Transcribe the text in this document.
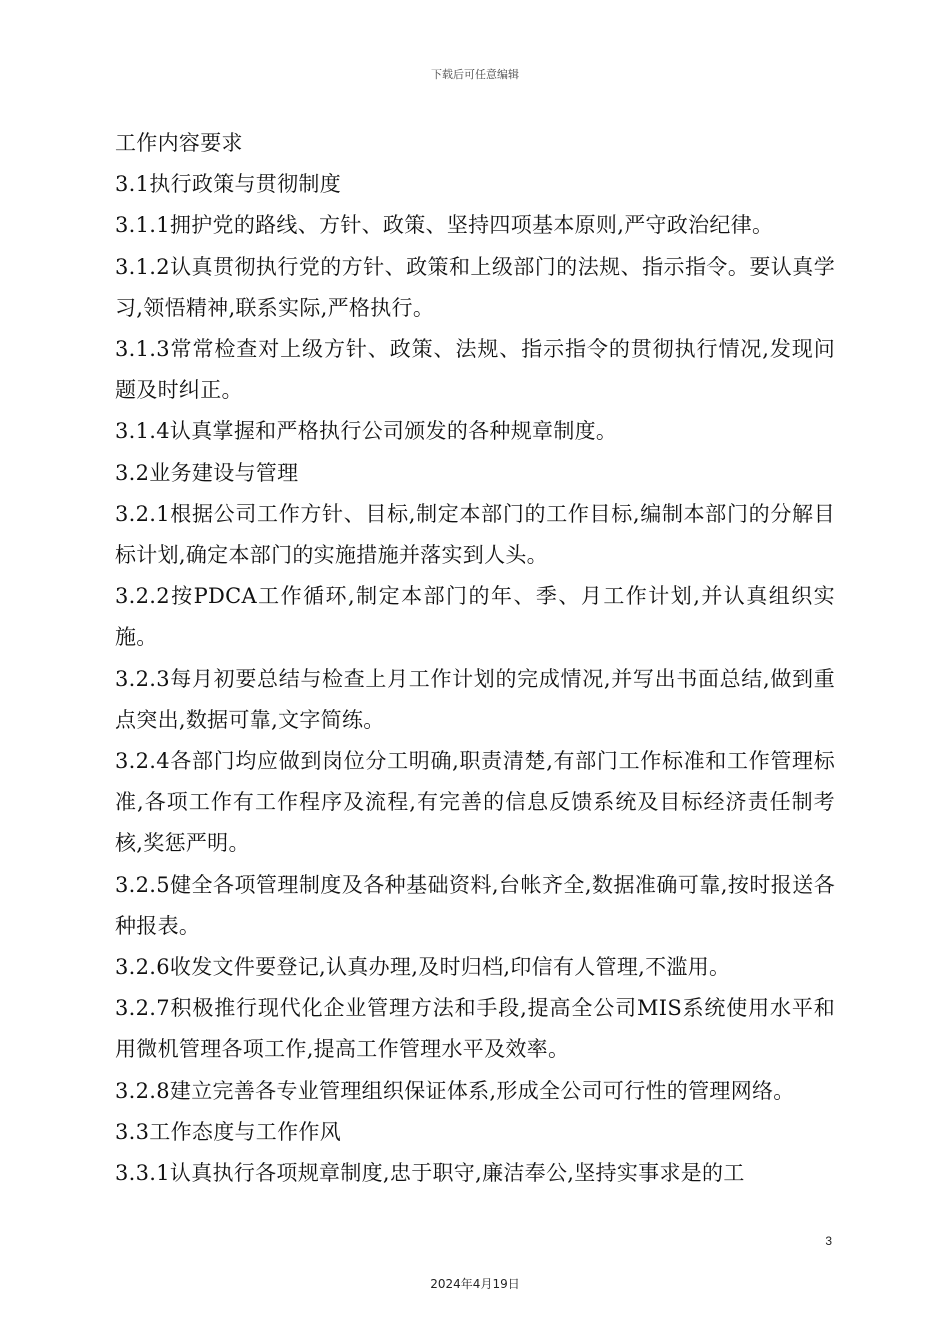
下载后可任意编辑

工作内容要求

3.1执行政策与贯彻制度

3.1.1拥护党的路线、方针、政策、坚持四项基本原则,严守政治纪律。

3.1.2认真贯彻执行党的方针、政策和上级部门的法规、指示指令。要认真学习,领悟精神,联系实际,严格执行。

3.1.3常常检查对上级方针、政策、法规、指示指令的贯彻执行情况,发现问题及时纠正。

3.1.4认真掌握和严格执行公司颁发的各种规章制度。

3.2业务建设与管理

3.2.1根据公司工作方针、目标,制定本部门的工作目标,编制本部门的分解目标计划,确定本部门的实施措施并落实到人头。

3.2.2按PDCA工作循环,制定本部门的年、季、月工作计划,并认真组织实施。

3.2.3每月初要总结与检查上月工作计划的完成情况,并写出书面总结,做到重点突出,数据可靠,文字简练。

3.2.4各部门均应做到岗位分工明确,职责清楚,有部门工作标准和工作管理标准,各项工作有工作程序及流程,有完善的信息反馈系统及目标经济责任制考核,奖惩严明。

3.2.5健全各项管理制度及各种基础资料,台帐齐全,数据准确可靠,按时报送各种报表。

3.2.6收发文件要登记,认真办理,及时归档,印信有人管理,不滥用。

3.2.7积极推行现代化企业管理方法和手段,提高全公司MIS系统使用水平和用微机管理各项工作,提高工作管理水平及效率。

3.2.8建立完善各专业管理组织保证体系,形成全公司可行性的管理网络。

3.3工作态度与工作作风

3.3.1认真执行各项规章制度,忠于职守,廉洁奉公,坚持实事求是的工

3
2024年4月19日
